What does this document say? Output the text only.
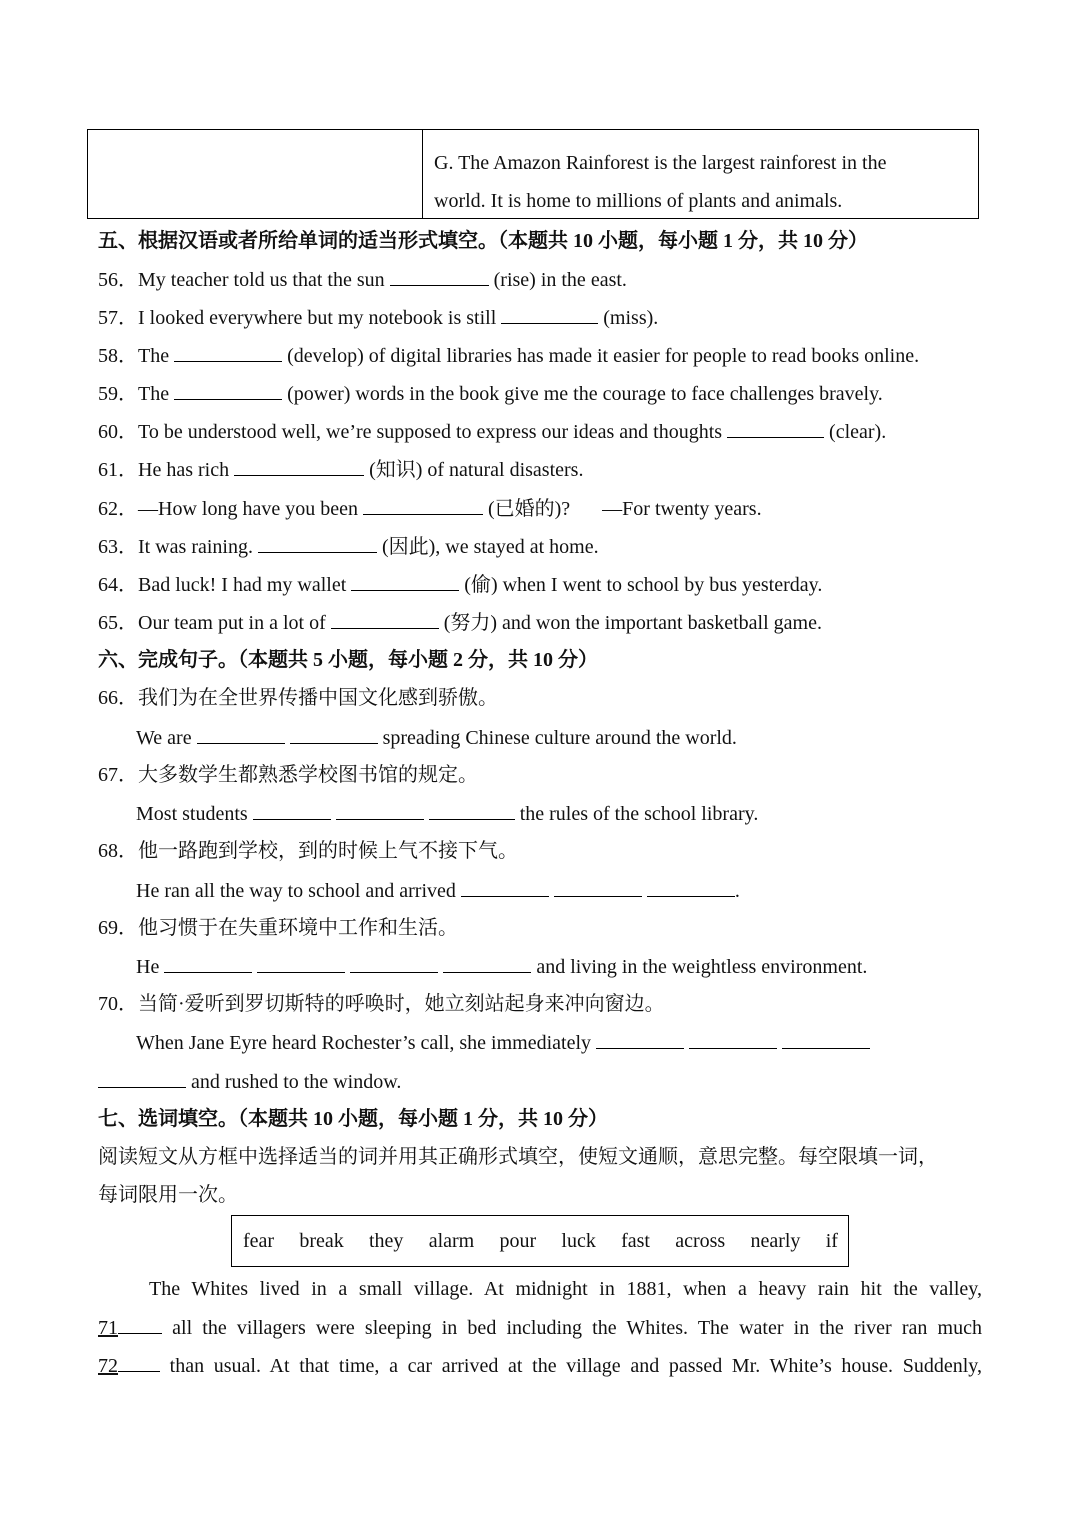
G. The Amazon Rainforest is the largest rainforest in the
world. It is home to millions of plants and animals.
五、根据汉语或者所给单词的适当形式填空。（本题共 10 小题，每小题 1 分，共 10 分）
56．My teacher told us that the sun	(rise) in the east.
57．I looked everywhere but my notebook is still	(miss).
58．The	(develop) of digital libraries has made it easier for people to read books online.
59．The	(power) words in the book give me the courage to face challenges bravely.
60．To be understood well, we’re supposed to express our ideas and thoughts	(clear).
61．He has rich	(知识) of natural disasters.
62．—How long have you been	(已婚的)? —For twenty years.
63．It was raining.	(因此), we stayed at home.
64．Bad luck! I had my wallet	(偷) when I went to school by bus yesterday.
65．Our team put in a lot of	(努力) and won the important basketball game.
六、完成句子。（本题共 5 小题，每小题 2 分，共 10 分）
66．我们为在全世界传播中国文化感到骄傲。
We are	spreading Chinese culture around the world.
67．大多数学生都熟悉学校图书馆的规定。
Most students	the rules of the school library.
68．他一路跑到学校，到的时候上气不接下气。
He ran all the way to school and arrived	.
69．他习惯于在失重环境中工作和生活。
He	and living in the weightless environment.
70．当简·爱听到罗切斯特的呼唤时，她立刻站起身来冲向窗边。
When Jane Eyre heard Rochester’s call, she immediately
and rushed to the window.
七、选词填空。（本题共 10 小题，每小题 1 分，共 10 分）
阅读短文从方框中选择适当的词并用其正确形式填空，使短文通顺，意思完整。每空限填一词，
每词限用一次。
fear break they alarm pour luck fast across nearly if
The Whites lived in a small village. At midnight in 1881, when a heavy rain hit the valley,
71 all the villagers were sleeping in bed including the Whites. The water in the river ran much
72 than usual. At that time, a car arrived at the village and passed Mr. White’s house. Suddenly,
